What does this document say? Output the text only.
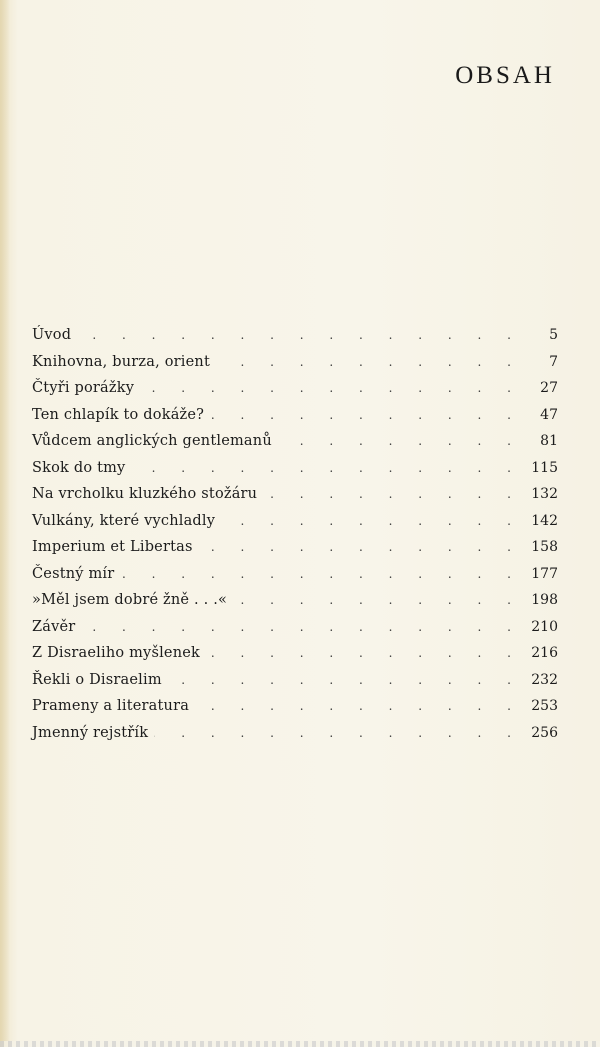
OBSAH
Úvod . . .	5
Knihovna, burza, orient . . .	7
Čtyři porážky . . .	27
Ten chlapík to dokáže? . . .	47
Vůdcem anglických gentlemanů . . .	81
Skok do tmy . . .	115
Na vrcholku kluzkého stožáru . . .	132
Vulkány, které vychladly . . .	142
Imperium et Libertas . . .	158
Čestný mír . . .	177
»Měl jsem dobré žně . . .« . . .	198
Závěr . . .	210
Z Disraeliho myšlenek . . .	216
Řekli o Disraelim . . .	232
Prameny a literatura . . .	253
Jmenný rejstřík . . .	256
